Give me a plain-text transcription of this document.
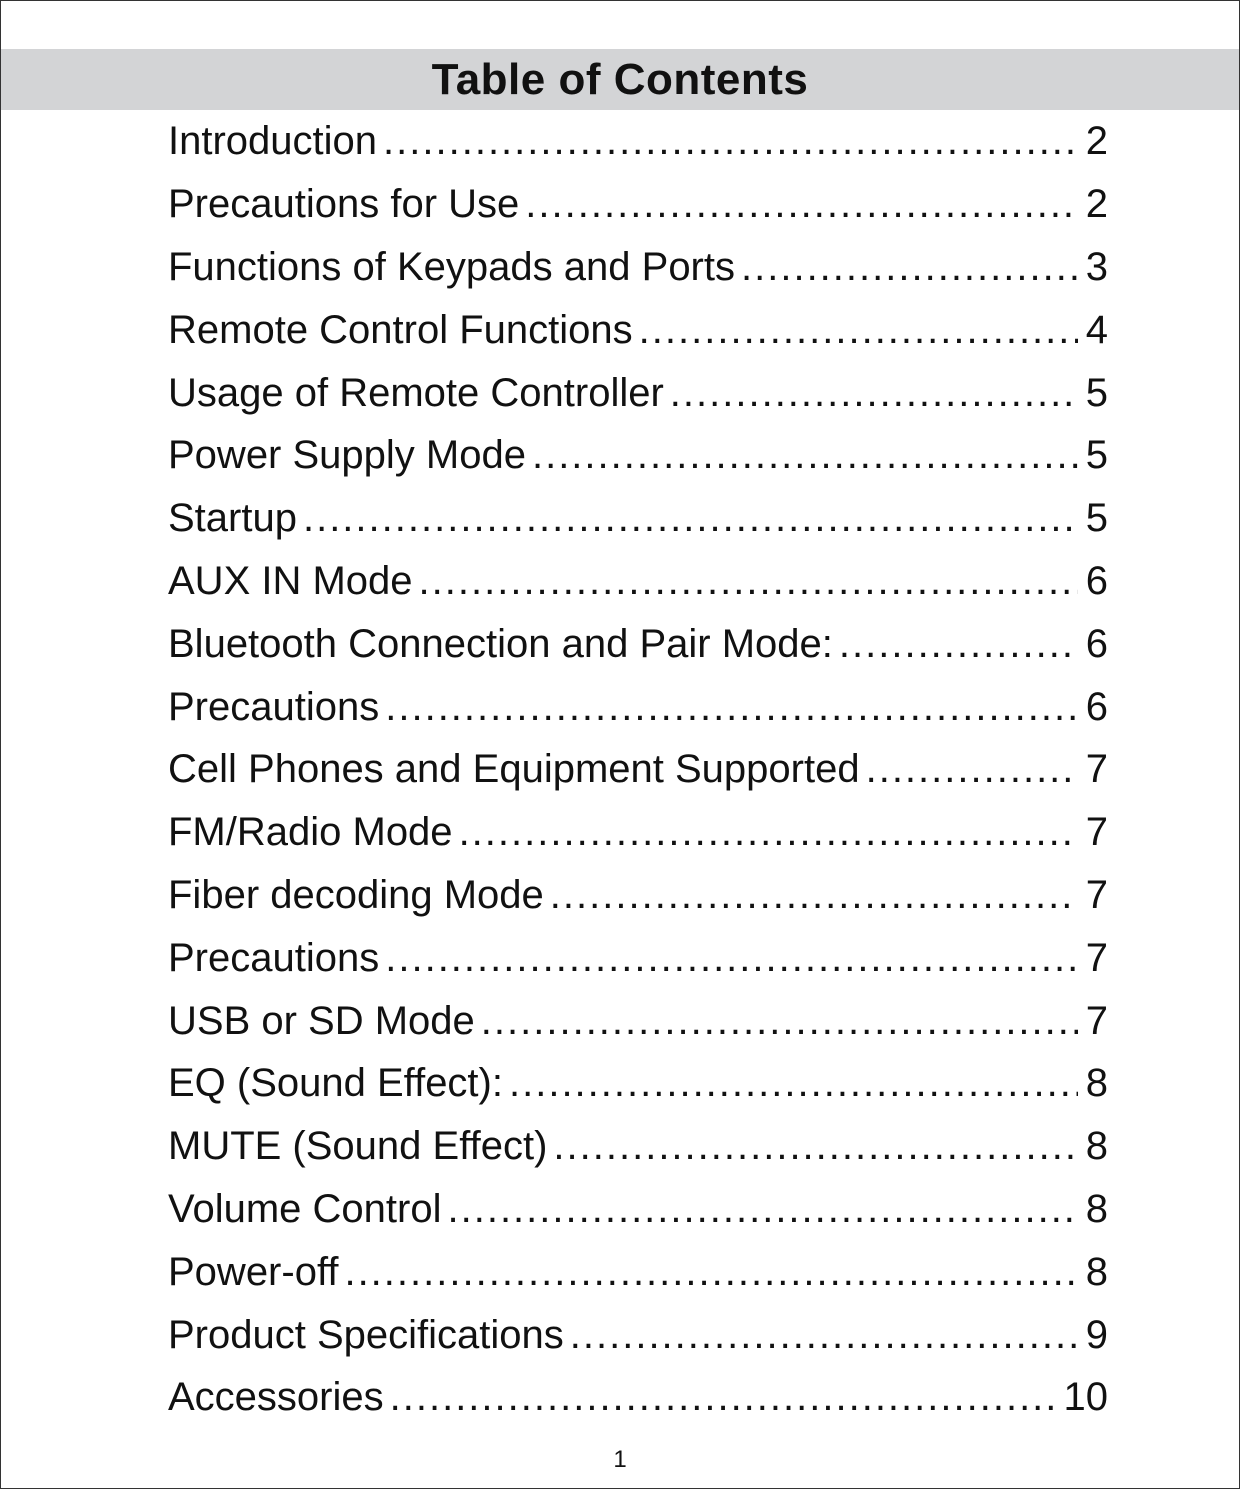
Table of Contents
Introduction .....	2
Precautions for Use .....	2
Functions of Keypads and Ports .....	3
Remote Control Functions .....	4
Usage of Remote Controller .....	5
Power Supply Mode .....	5
Startup .....	5
AUX IN Mode .....	6
Bluetooth Connection and Pair Mode: .....	6
Precautions .....	6
Cell Phones and Equipment Supported .....	7
FM/Radio Mode .....	7
Fiber decoding Mode .....	7
Precautions .....	7
USB or SD Mode .....	7
EQ (Sound Effect): .....	8
MUTE (Sound Effect) .....	8
Volume Control .....	8
Power-off .....	8
Product Specifications .....	9
Accessories .....	10
1
